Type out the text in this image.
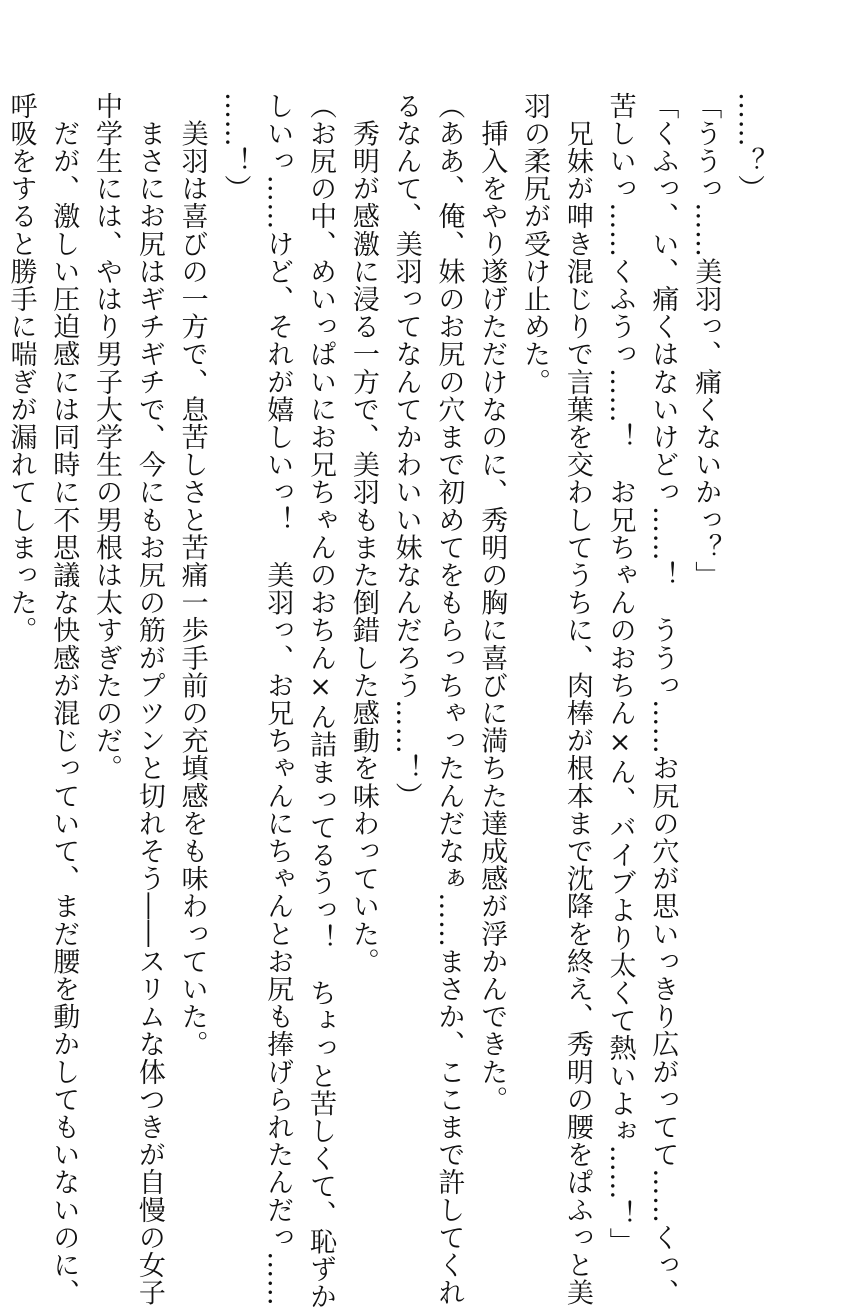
……？）
「ううっ……美羽っ、痛くないかっ？」
「くふっ、い、痛くはないけどっ……！　ううっ……お尻の穴が思いっきり広がってて……くっ、
苦しいっ……くふうっ……！　お兄ちゃんのおちん×ん、バイブより太くて熱いよぉ……！」
　兄妹が呻き混じりで言葉を交わしてうちに、肉棒が根本まで沈降を終え、秀明の腰をぱふっと美
羽の柔尻が受け止めた。
　挿入をやり遂げただけなのに、秀明の胸に喜びに満ちた達成感が浮かんできた。
（ああ、俺、妹のお尻の穴まで初めてをもらっちゃったんだなぁ……まさか、ここまで許してくれ
るなんて、美羽ってなんてかわいい妹なんだろう……！）
　秀明が感激に浸る一方で、美羽もまた倒錯した感動を味わっていた。
（お尻の中、めいっぱいにお兄ちゃんのおちん×ん詰まってるうっ！　ちょっと苦しくて、恥ずか
しいっ……けど、それが嬉しいっ！　美羽っ、お兄ちゃんにちゃんとお尻も捧げられたんだっ……
……！）
　美羽は喜びの一方で、息苦しさと苦痛一歩手前の充填感をも味わっていた。
　まさにお尻はギチギチで、今にもお尻の筋がプツンと切れそう――スリムな体つきが自慢の女子
中学生には、やはり男子大学生の男根は太すぎたのだ。
　だが、激しい圧迫感には同時に不思議な快感が混じっていて、まだ腰を動かしてもいないのに、
呼吸をすると勝手に喘ぎが漏れてしまった。
